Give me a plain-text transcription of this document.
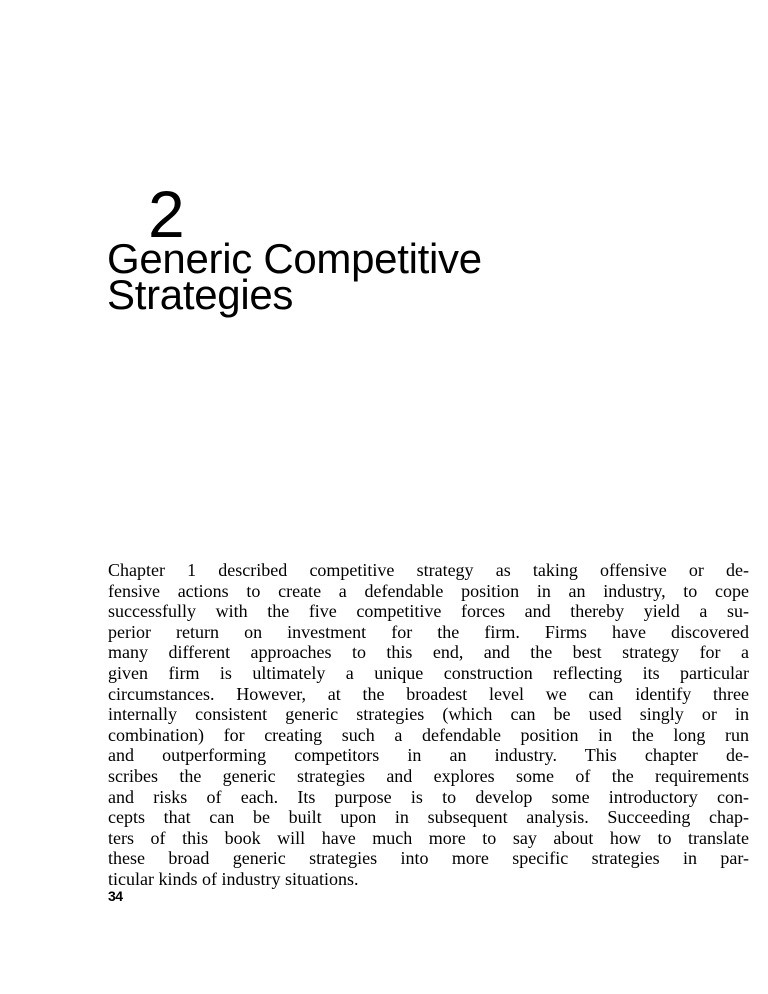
2
Generic Competitive
Strategies

Chapter 1 described competitive strategy as taking offensive or de-
fensive actions to create a defendable position in an industry, to cope
successfully with the five competitive forces and thereby yield a su-
perior return on investment for the firm. Firms have discovered
many different approaches to this end, and the best strategy for a
given firm is ultimately a unique construction reflecting its particular
circumstances. However, at the broadest level we can identify three
internally consistent generic strategies (which can be used singly or in
combination) for creating such a defendable position in the long run
and outperforming competitors in an industry. This chapter de-
scribes the generic strategies and explores some of the requirements
and risks of each. Its purpose is to develop some introductory con-
cepts that can be built upon in subsequent analysis. Succeeding chap-
ters of this book will have much more to say about how to translate
these broad generic strategies into more specific strategies in par-
ticular kinds of industry situations.

34
